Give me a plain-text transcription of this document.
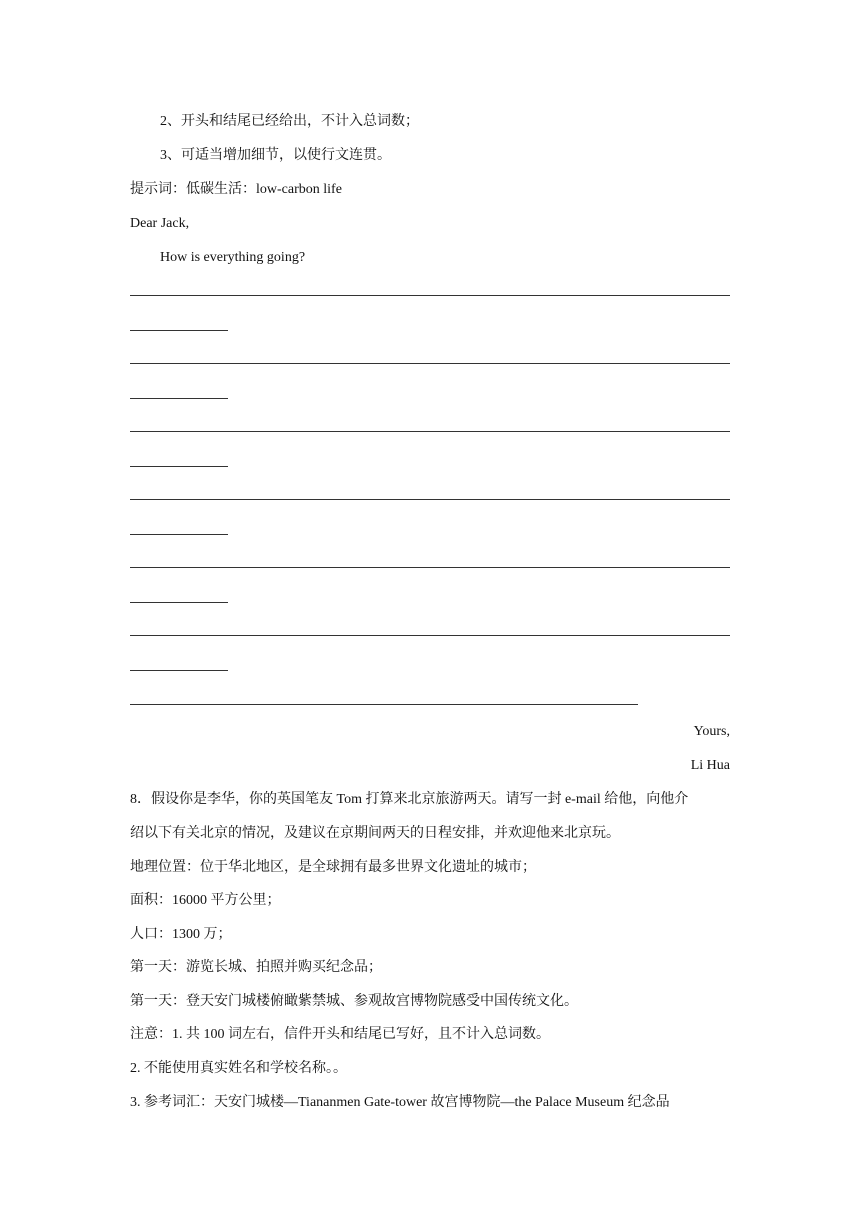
2、开头和结尾已经给出，不计入总词数；
3、可适当增加细节，以使行文连贯。
提示词：低碳生活：low-carbon life
Dear Jack,
How is everything going?
Yours,
Li Hua
8．假设你是李华，你的英国笔友 Tom 打算来北京旅游两天。请写一封 e-mail 给他，向他介
绍以下有关北京的情况，及建议在京期间两天的日程安排，并欢迎他来北京玩。
地理位置：位于华北地区，是全球拥有最多世界文化遗址的城市；
面积：16000 平方公里；
人口：1300 万；
第一天：游览长城、拍照并购买纪念品；
第一天：登天安门城楼俯瞰紫禁城、参观故宫博物院感受中国传统文化。
注意：1. 共 100 词左右，信件开头和结尾已写好，且不计入总词数。
2. 不能使用真实姓名和学校名称。。
3. 参考词汇：天安门城楼—Tiananmen Gate-tower 故宫博物院—the Palace Museum 纪念品
